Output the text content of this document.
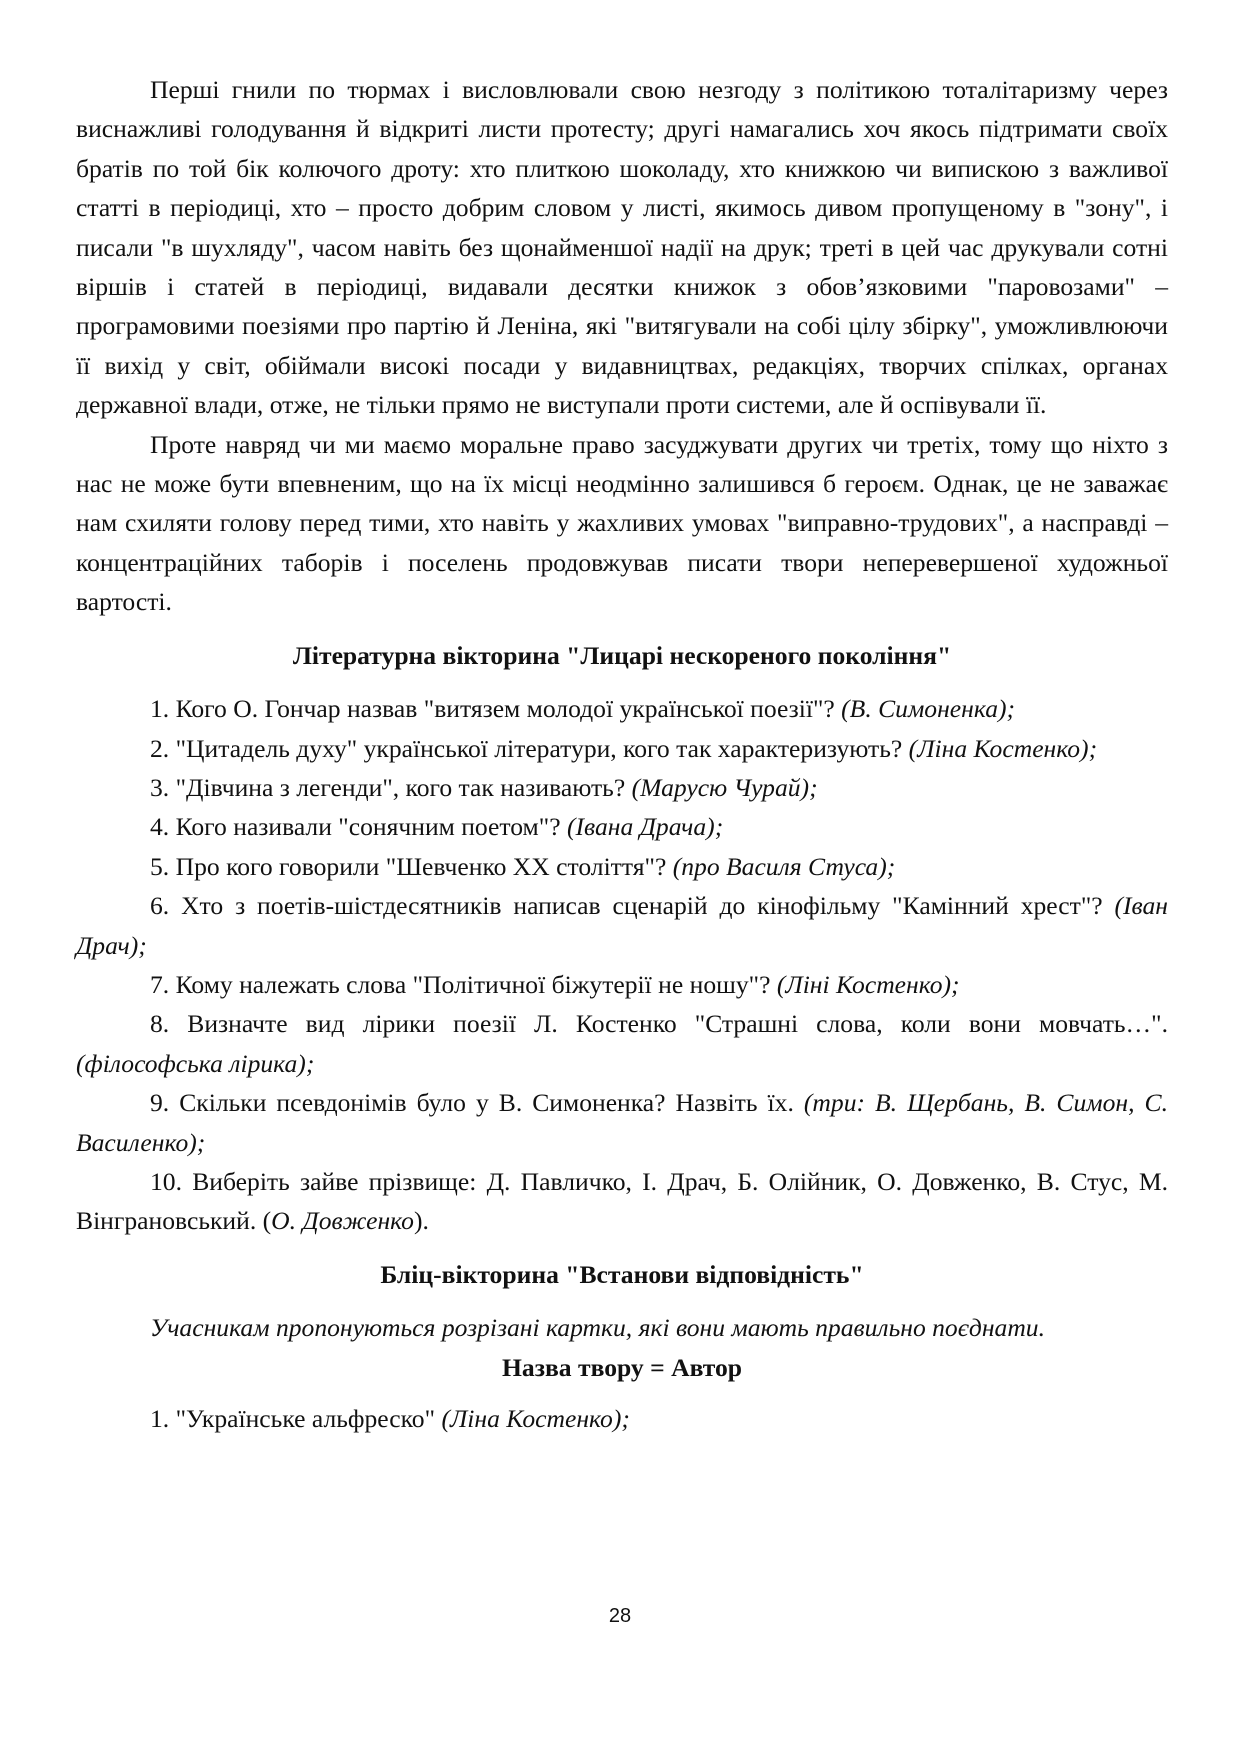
Перші гнили по тюрмах і висловлювали свою незгоду з політикою тоталітаризму через виснажливі голодування й відкриті листи протесту; другі намагались хоч якось підтримати своїх братів по той бік колючого дроту: хто плиткою шоколаду, хто книжкою чи випискою з важливої статті в періодиці, хто – просто добрим словом у листі, якимось дивом пропущеному в "зону", і писали "в шухляду", часом навіть без щонайменшої надії на друк; треті в цей час друкували сотні віршів і статей в періодиці, видавали десятки книжок з обов’язковими "паровозами" – програмовими поезіями про партію й Леніна, які "витягували на собі цілу збірку", уможливлюючи її вихід у світ, обіймали високі посади у видавництвах, редакціях, творчих спілках, органах державної влади, отже, не тільки прямо не виступали проти системи, але й оспівували її.

Проте навряд чи ми маємо моральне право засуджувати других чи третіх, тому що ніхто з нас не може бути впевненим, що на їх місці неодмінно залишився б героєм. Однак, це не заважає нам схиляти голову перед тими, хто навіть у жахливих умовах "виправно-трудових", а насправді – концентраційних таборів і поселень продовжував писати твори неперевершеної художньої вартості.

Літературна вікторина "Лицарі нескореного покоління"

1. Кого О. Гончар назвав "витязем молодої української поезії"? (В. Симоненка);

2. "Цитадель духу" української літератури, кого так характеризують? (Ліна Костенко);

3. "Дівчина з легенди", кого так називають? (Марусю Чурай);

4. Кого називали "сонячним поетом"? (Івана Драча);

5. Про кого говорили "Шевченко XX століття"? (про Василя Стуса);

6. Хто з поетів-шістдесятників написав сценарій до кінофільму "Камінний хрест"? (Іван Драч);

7. Кому належать слова "Політичної біжутерії не ношу"? (Ліні Костенко);

8. Визначте вид лірики поезії Л. Костенко "Страшні слова, коли вони мовчать…". (філософська лірика);

9. Скільки псевдонімів було у В. Симоненка? Назвіть їх. (три: В. Щербань, В. Симон, С. Василенко);

10. Виберіть зайве прізвище: Д. Павличко, І. Драч, Б. Олійник, О. Довженко, В. Стус, М. Вінграновський. (О. Довженко).

Бліц-вікторина "Встанови відповідність"

Учасникам пропонуються розрізані картки, які вони мають правильно поєднати.

Назва твору = Автор

1. "Українське альфреско" (Ліна Костенко);

28
